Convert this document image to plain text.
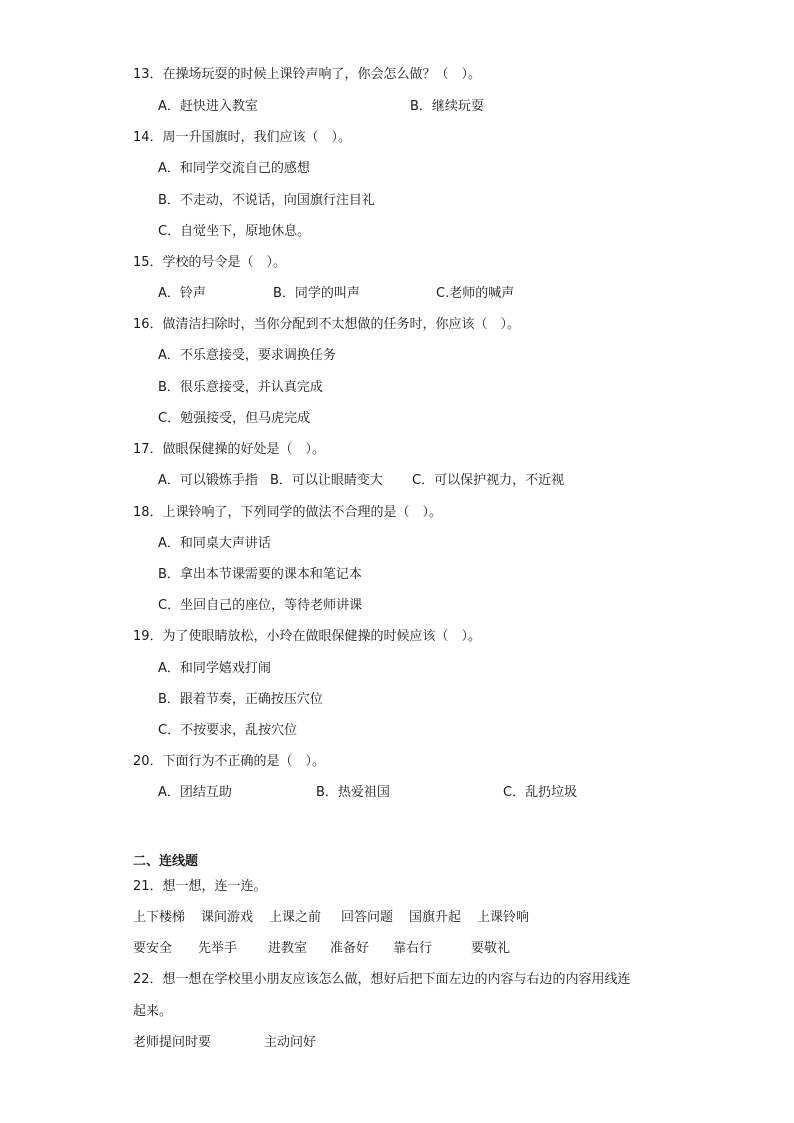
13．在操场玩耍的时候上课铃声响了，你会怎么做？（　）。
A．赶快进入教室	B．继续玩耍
14．周一升国旗时，我们应该（　）。
A．和同学交流自己的感想
B．不走动，不说话，向国旗行注目礼
C．自觉坐下，原地休息。
15．学校的号令是（　）。
A．铃声	B．同学的叫声	C.老师的喊声
16．做清洁扫除时，当你分配到不太想做的任务时，你应该（　）。
A．不乐意接受，要求调换任务
B．很乐意接受，并认真完成
C．勉强接受，但马虎完成
17．做眼保健操的好处是（　）。
A．可以锻炼手指 B．可以让眼睛变大 C．可以保护视力，不近视
18．上课铃响了，下列同学的做法不合理的是（　）。
A．和同桌大声讲话
B．拿出本节课需要的课本和笔记本
C．坐回自己的座位，等待老师讲课
19．为了使眼睛放松，小玲在做眼保健操的时候应该（　）。
A．和同学嬉戏打闹
B．跟着节奏，正确按压穴位
C．不按要求，乱按穴位
20．下面行为不正确的是（　）。
A．团结互助	B．热爱祖国	C．乱扔垃圾
二、连线题
21．想一想，连一连。
上下楼梯 课间游戏 上课之前 回答问题 国旗升起 上课铃响
要安全 先举手 进教室 准备好 靠右行	要敬礼
22．想一想在学校里小朋友应该怎么做，想好后把下面左边的内容与右边的内容用线连
起来。
老师提问时要	主动问好
